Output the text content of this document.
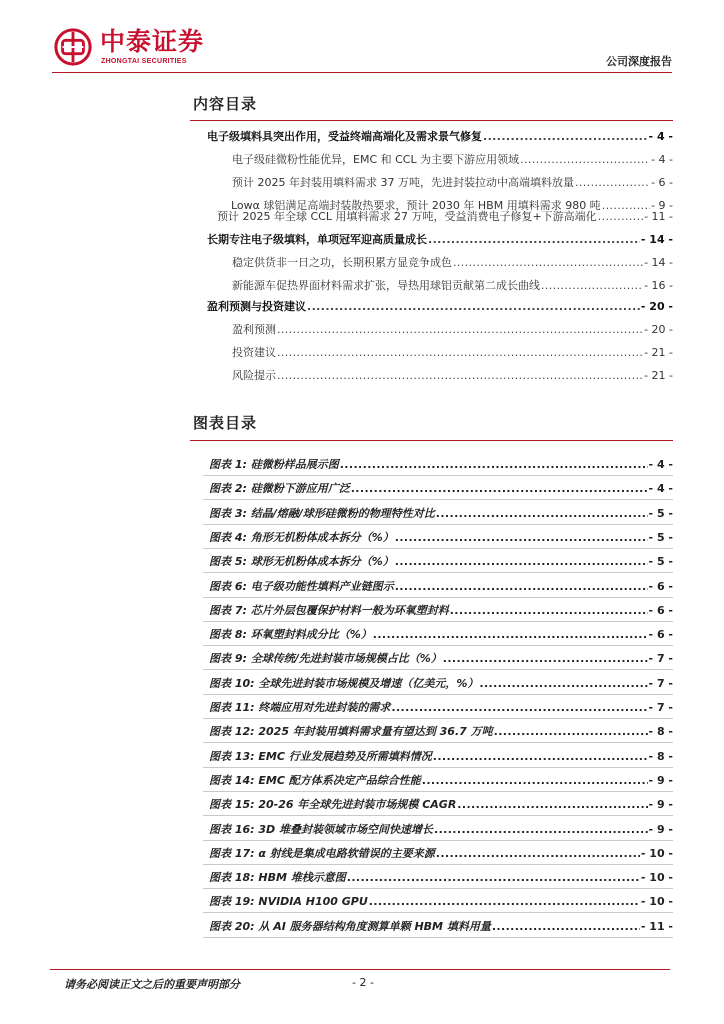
中泰证券
ZHONGTAI SECURITIES	公司深度报告
内容目录
电子级填料具突出作用，受益终端高端化及需求景气修复 .....	- 4 -
电子级硅微粉性能优异，EMC 和 CCL 为主要下游应用领域 .....	- 4 -
预计 2025 年封装用填料需求 37 万吨，先进封装拉动中高端填料放量 .....	- 6 -
Lowα 球铝满足高端封装散热要求，预计 2030 年 HBM 用填料需求 980 吨 .....	- 9 -
预计 2025 年全球 CCL 用填料需求 27 万吨，受益消费电子修复+下游高端化 .....	- 11 -
长期专注电子级填料，单项冠军迎高质量成长 .....	- 14 -
稳定供货非一日之功，长期积累方显竞争成色 .....	- 14 -
新能源车促热界面材料需求扩张，导热用球铝贡献第二成长曲线 .....	- 16 -
盈利预测与投资建议 .....	- 20 -
盈利预测 .....	- 20 -
投资建议 .....	- 21 -
风险提示 .....	- 21 -
图表目录
图表 1: 硅微粉样品展示图 .....	- 4 -
图表 2: 硅微粉下游应用广泛 .....	- 4 -
图表 3: 结晶/熔融/球形硅微粉的物理特性对比 .....	- 5 -
图表 4: 角形无机粉体成本拆分（%） .....	- 5 -
图表 5: 球形无机粉体成本拆分（%） .....	- 5 -
图表 6: 电子级功能性填料产业链图示 .....	- 6 -
图表 7: 芯片外层包覆保护材料一般为环氧塑封料 .....	- 6 -
图表 8: 环氧塑封料成分比（%） .....	- 6 -
图表 9: 全球传统/先进封装市场规模占比（%） .....	- 7 -
图表 10: 全球先进封装市场规模及增速（亿美元，%） .....	- 7 -
图表 11: 终端应用对先进封装的需求 .....	- 7 -
图表 12: 2025 年封装用填料需求量有望达到 36.7 万吨 .....	- 8 -
图表 13: EMC 行业发展趋势及所需填料情况 .....	- 8 -
图表 14: EMC 配方体系决定产品综合性能 .....	- 9 -
图表 15: 20-26 年全球先进封装市场规模 CAGR .....	- 9 -
图表 16: 3D 堆叠封装领域市场空间快速增长 .....	- 9 -
图表 17: α 射线是集成电路软错误的主要来源 .....	- 10 -
图表 18: HBM 堆栈示意图 .....	- 10 -
图表 19: NVIDIA H100 GPU .....	- 10 -
图表 20: 从 AI 服务器结构角度测算单颗 HBM 填料用量 .....	- 11 -
请务必阅读正文之后的重要声明部分	- 2 -
